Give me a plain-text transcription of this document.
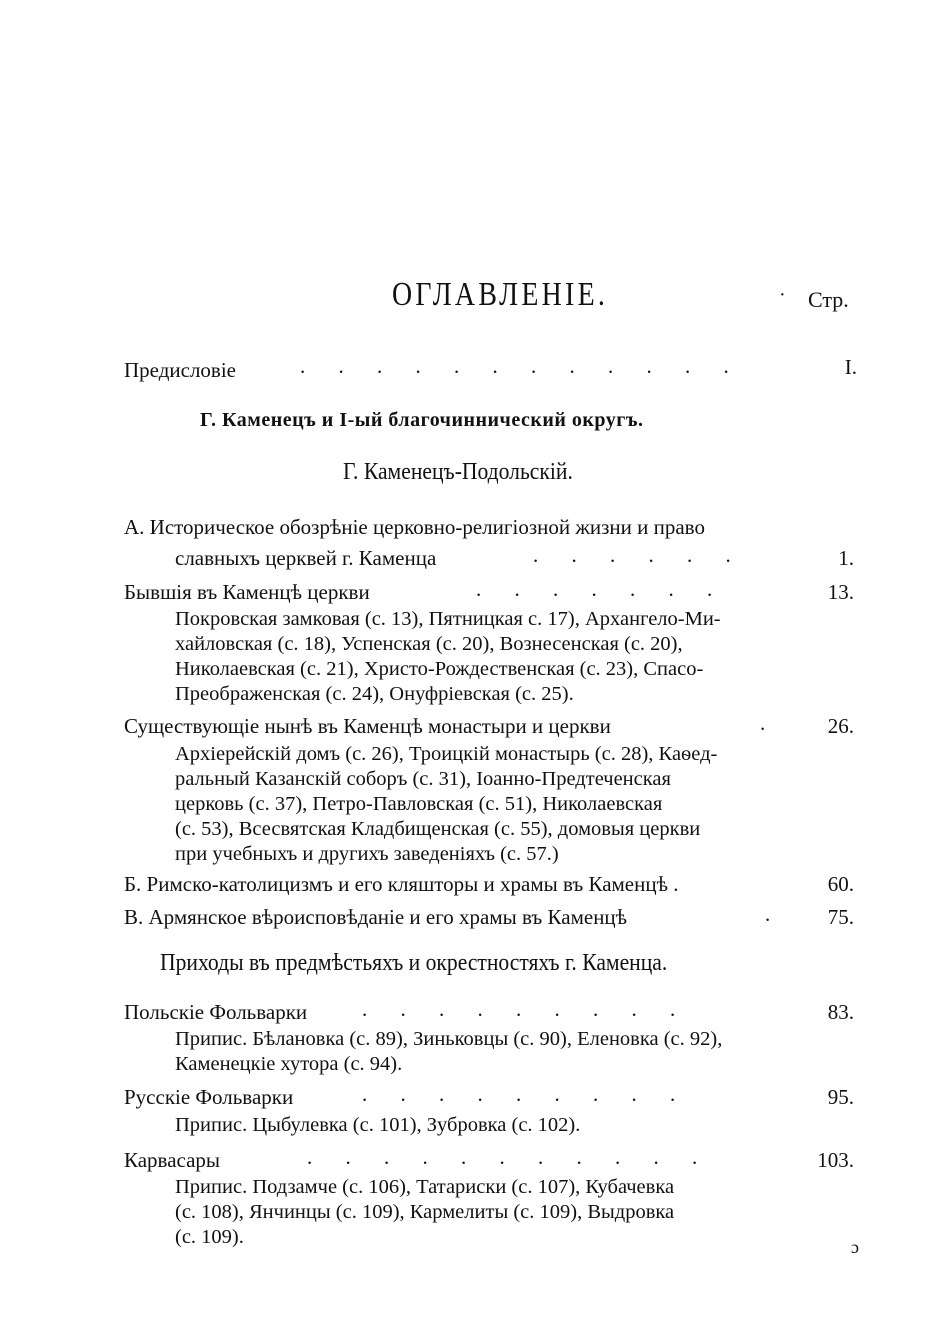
ОГЛАВЛЕНІЕ.	· Стр.
Предисловіе	. . . . . . . . . . . .	I.
Г. Каменецъ и I-ый благочиннический округъ.
Г. Каменецъ-Подольскій.
А. Историческое обозрѣніе церковно-религіозной жизни и право
славныхъ церквей г. Каменца	. . . . . .	1.
Бывшія въ Каменцѣ церкви	. . . . . . .	13.
Покровская замковая (с. 13), Пятницкая с. 17), Архангело-Ми-
хайловская (с. 18), Успенская (с. 20), Вознесенская (с. 20),
Николаевская (с. 21), Христо-Рождественская (с. 23), Спасо-
Преображенская (с. 24), Онуфріевская (с. 25).
Существующіе нынѣ въ Каменцѣ монастыри и церкви	.	26.
Архіерейскій домъ (с. 26), Троицкій монастырь (с. 28), Каѳед-
ральный Казанскій соборъ (с. 31), Іоанно-Предтеченская
церковь (с. 37), Петро-Павловская (с. 51), Николаевская
(с. 53), Всесвятская Кладбищенская (с. 55), домовыя церкви
при учебныхъ и другихъ заведеніяхъ (с. 57.)
Б. Римско-католицизмъ и его кляшторы и храмы въ Каменцѣ .	60.
В. Армянское вѣроисповѣданіе и его храмы въ Каменцѣ	.	75.
Приходы въ предмѣстьяхъ и окрестностяхъ г. Каменца.
Польскіе Фольварки	. . . . . . . . .	83.
Припис. Бѣлановка (с. 89), Зиньковцы (с. 90), Еленовка (с. 92),
Каменецкіе хутора (с. 94).
Русскіе Фольварки	. . . . . . . . .	95.
Припис. Цыбулевка (с. 101), Зубровка (с. 102).
Карвасары	. . . . . . . . . . .	103.
Припис. Подзамче (с. 106), Татариски (с. 107), Кубачевка
(с. 108), Янчинцы (с. 109), Кармелиты (с. 109), Выдровка
(с. 109).	ɔ
